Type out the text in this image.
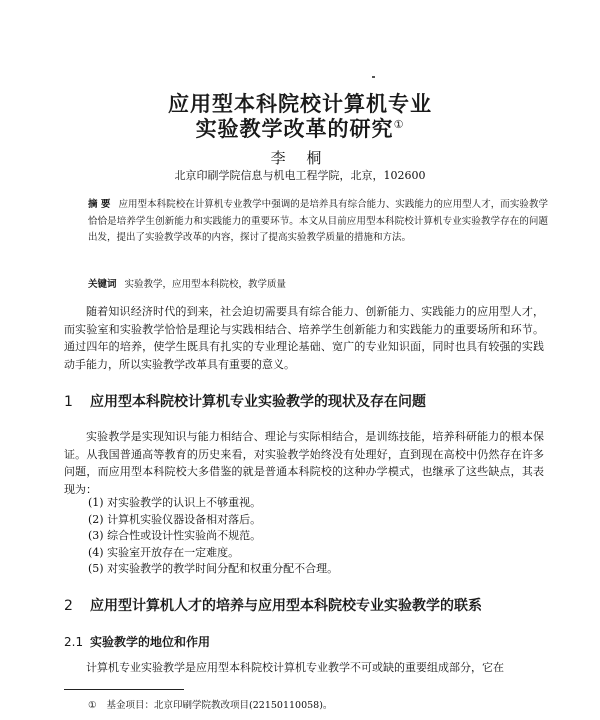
应用型本科院校计算机专业
实验教学改革的研究①
李 桐
北京印刷学院信息与机电工程学院，北京，102600
摘 要 应用型本科院校在计算机专业教学中强调的是培养具有综合能力、实践能力的应用型人才，而实验教学恰恰是培养学生创新能力和实践能力的重要环节。本文从目前应用型本科院校计算机专业实验教学存在的问题出发，提出了实验教学改革的内容，探讨了提高实验教学质量的措施和方法。
关键词 实验教学，应用型本科院校，教学质量
随着知识经济时代的到来，社会迫切需要具有综合能力、创新能力、实践能力的应用型人才，而实验室和实验教学恰恰是理论与实践相结合、培养学生创新能力和实践能力的重要场所和环节。通过四年的培养，使学生既具有扎实的专业理论基础、宽广的专业知识面，同时也具有较强的实践动手能力，所以实验教学改革具有重要的意义。
1 应用型本科院校计算机专业实验教学的现状及存在问题
实验教学是实现知识与能力相结合、理论与实际相结合，是训练技能，培养科研能力的根本保证。从我国普通高等教育的历史来看，对实验教学始终没有处理好，直到现在高校中仍然存在许多问题，而应用型本科院校大多借鉴的就是普通本科院校的这种办学模式，也继承了这些缺点，其表现为：
(1) 对实验教学的认识上不够重视。
(2) 计算机实验仪器设备相对落后。
(3) 综合性或设计性实验尚不规范。
(4) 实验室开放存在一定难度。
(5) 对实验教学的教学时间分配和权重分配不合理。
2 应用型计算机人才的培养与应用型本科院校专业实验教学的联系
2.1 实验教学的地位和作用
计算机专业实验教学是应用型本科院校计算机专业教学不可或缺的重要组成部分，它在
① 基金项目：北京印刷学院教改项目(22150110058)。
